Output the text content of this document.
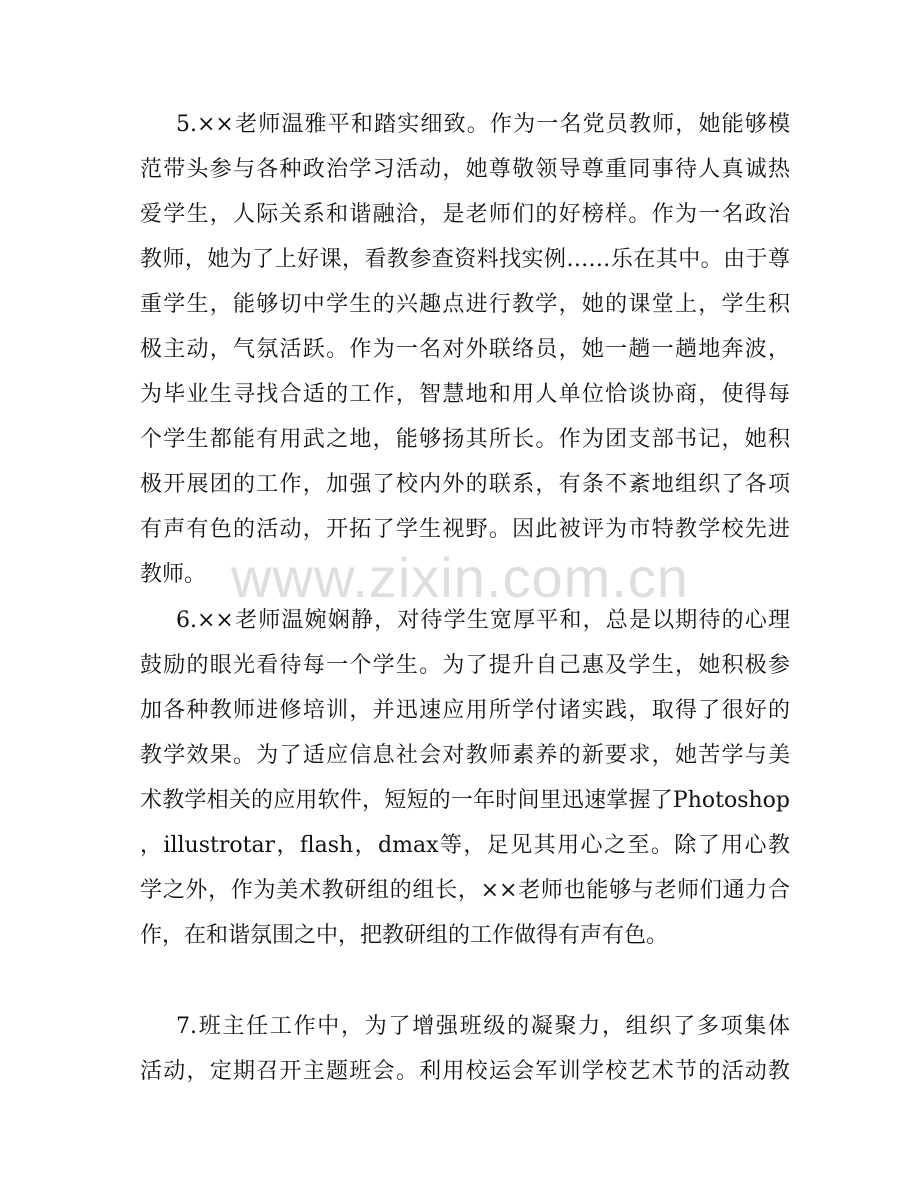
5.××老师温雅平和踏实细致。作为一名党员教师，她能够模
范带头参与各种政治学习活动，她尊敬领导尊重同事待人真诚热
爱学生，人际关系和谐融洽，是老师们的好榜样。作为一名政治
教师，她为了上好课，看教参查资料找实例……乐在其中。由于尊
重学生，能够切中学生的兴趣点进行教学，她的课堂上，学生积
极主动，气氛活跃。作为一名对外联络员，她一趟一趟地奔波，
为毕业生寻找合适的工作，智慧地和用人单位恰谈协商，使得每
个学生都能有用武之地，能够扬其所长。作为团支部书记，她积
极开展团的工作，加强了校内外的联系，有条不紊地组织了各项
有声有色的活动，开拓了学生视野。因此被评为市特教学校先进
教师。
6.××老师温婉娴静，对待学生宽厚平和，总是以期待的心理
鼓励的眼光看待每一个学生。为了提升自己惠及学生，她积极参
加各种教师进修培训，并迅速应用所学付诸实践，取得了很好的
教学效果。为了适应信息社会对教师素养的新要求，她苦学与美
术教学相关的应用软件，短短的一年时间里迅速掌握了Photoshop
，illustrotar，flash，dmax等，足见其用心之至。除了用心教
学之外，作为美术教研组的组长，××老师也能够与老师们通力合
作，在和谐氛围之中，把教研组的工作做得有声有色。
7.班主任工作中，为了增强班级的凝聚力，组织了多项集体
活动，定期召开主题班会。利用校运会军训学校艺术节的活动教
www.zixin.com.cn
